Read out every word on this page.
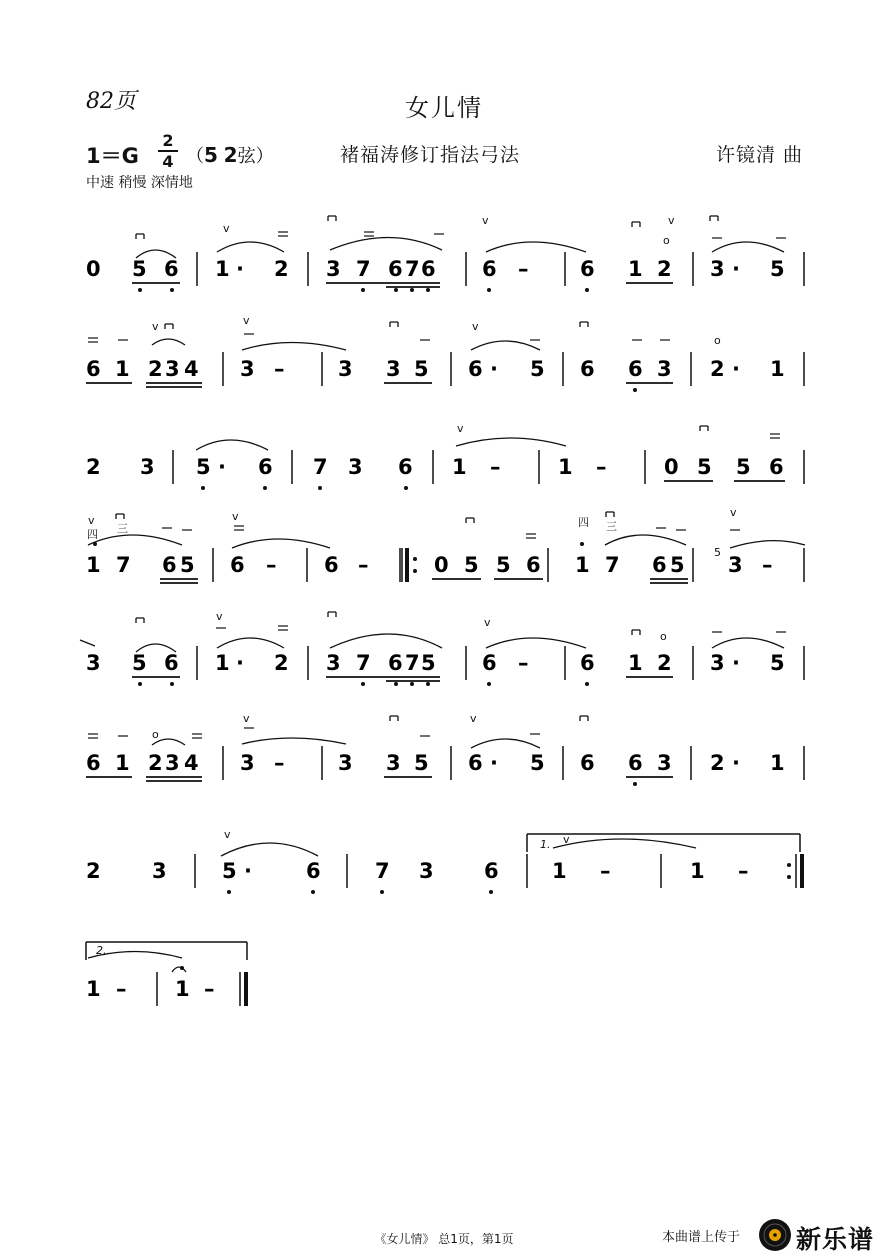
82页	女儿情
1＝G
2
4 （5 2弦）	褚福涛修订指法弓法	许镜清 曲
中速 稍慢 深情地
0 5 6 1 · 2 3 7 6 7 6 6 – 6 1 2 3 · 5
6 1 2 3 4 3 –	3 3 5 6 · 5 6 6 3 2 · 1
2 3 5 · 6 7 3 6 1 –	1 –	0 5 5 6
1 7 6 5 6 – 6 –	0 5 5 6 1 7 6 5 3 –
3 5 6 1 · 2 3 7 6 7 5 6 – 6 1 2 3 · 5
6 1 2 3 4 3 –	3 3 5 6 · 5 6 6 3 2 · 1
2 3	5 ·	6	7 3 6	1 –	1 –
1 – 1 –
v
v	v
v	v	v
v
v	v	v
v	v
v	v
v	v
o
o
o
o
1.
2.
5
四 三	四 三
《女儿情》 总1页，第1页	本曲谱上传于 新乐谱
